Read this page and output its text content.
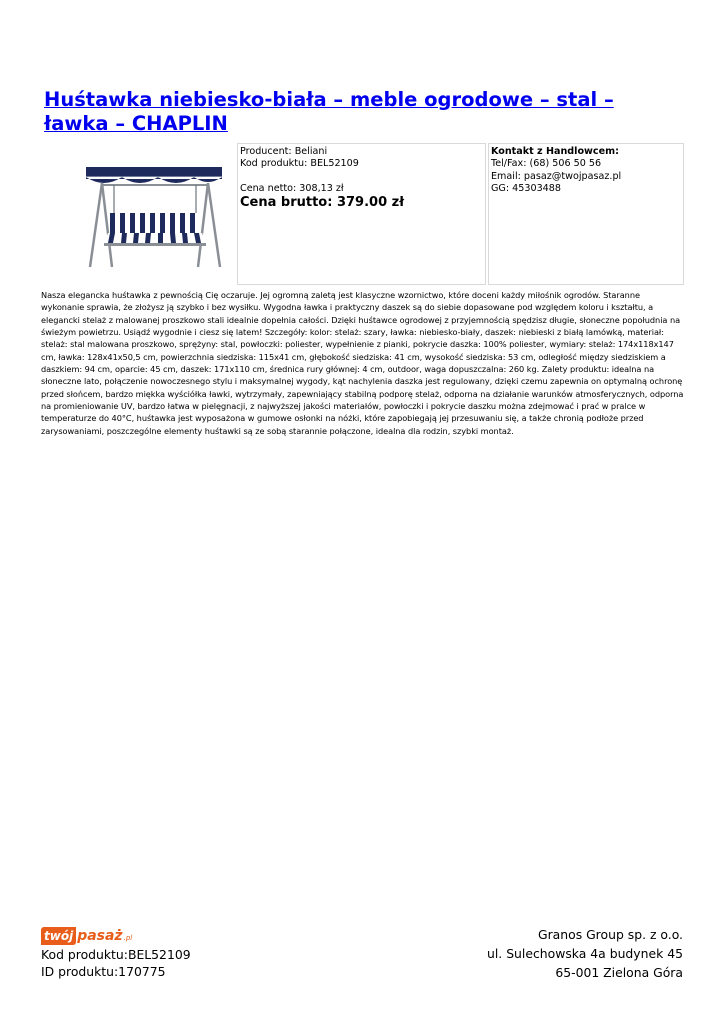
Huśtawka niebiesko-biała – meble ogrodowe – stal – ławka – CHAPLIN
Producent: Beliani
Kod produktu: BEL52109
Cena netto: 308,13 zł
Cena brutto: 379.00 zł
Kontakt z Handlowcem:
Tel/Fax: (68) 506 50 56
Email: pasaz@twojpasaz.pl
GG: 45303488

Nasza elegancka huśtawka z pewnością Cię oczaruje. Jej ogromną zaletą jest klasyczne wzornictwo, które doceni każdy miłośnik ogrodów. Staranne wykonanie sprawia, że złożysz ją szybko i bez wysiłku. Wygodna ławka i praktyczny daszek są do siebie dopasowane pod względem koloru i kształtu, a elegancki stelaż z malowanej proszkowo stali idealnie dopełnia całości. Dzięki huśtawce ogrodowej z przyjemnością spędzisz długie, słoneczne popołudnia na świeżym powietrzu. Usiądź wygodnie i ciesz się latem! Szczegóły: kolor: stelaż: szary, ławka: niebiesko-biały, daszek: niebieski z białą lamówką, materiał: stelaż: stal malowana proszkowo, sprężyny: stal, powłoczki: poliester, wypełnienie z pianki, pokrycie daszka: 100% poliester, wymiary: stelaż: 174x118x147 cm, ławka: 128x41x50,5 cm, powierzchnia siedziska: 115x41 cm, głębokość siedziska: 41 cm, wysokość siedziska: 53 cm, odległość między siedziskiem a daszkiem: 94 cm, oparcie: 45 cm, daszek: 171x110 cm, średnica rury głównej: 4 cm, outdoor, waga dopuszczalna: 260 kg. Zalety produktu: idealna na słoneczne lato, połączenie nowoczesnego stylu i maksymalnej wygody, kąt nachylenia daszka jest regulowany, dzięki czemu zapewnia on optymalną ochronę przed słońcem, bardzo miękka wyściółka ławki, wytrzymały, zapewniający stabilną podporę stelaż, odporna na działanie warunków atmosferycznych, odporna na promieniowanie UV, bardzo łatwa w pielęgnacji, z najwyższej jakości materiałów, powłoczki i pokrycie daszku można zdejmować i prać w pralce w temperaturze do 40°C, huśtawka jest wyposażona w gumowe osłonki na nóżki, które zapobiegają jej przesuwaniu się, a także chronią podłoże przed zarysowaniami, poszczególne elementy huśtawki są ze sobą starannie połączone, idealna dla rodzin, szybki montaż.

twój pasaż .pl
Kod produktu:BEL52109
ID produktu:170775
Granos Group sp. z o.o.
ul. Sulechowska 4a budynek 45
65-001 Zielona Góra
